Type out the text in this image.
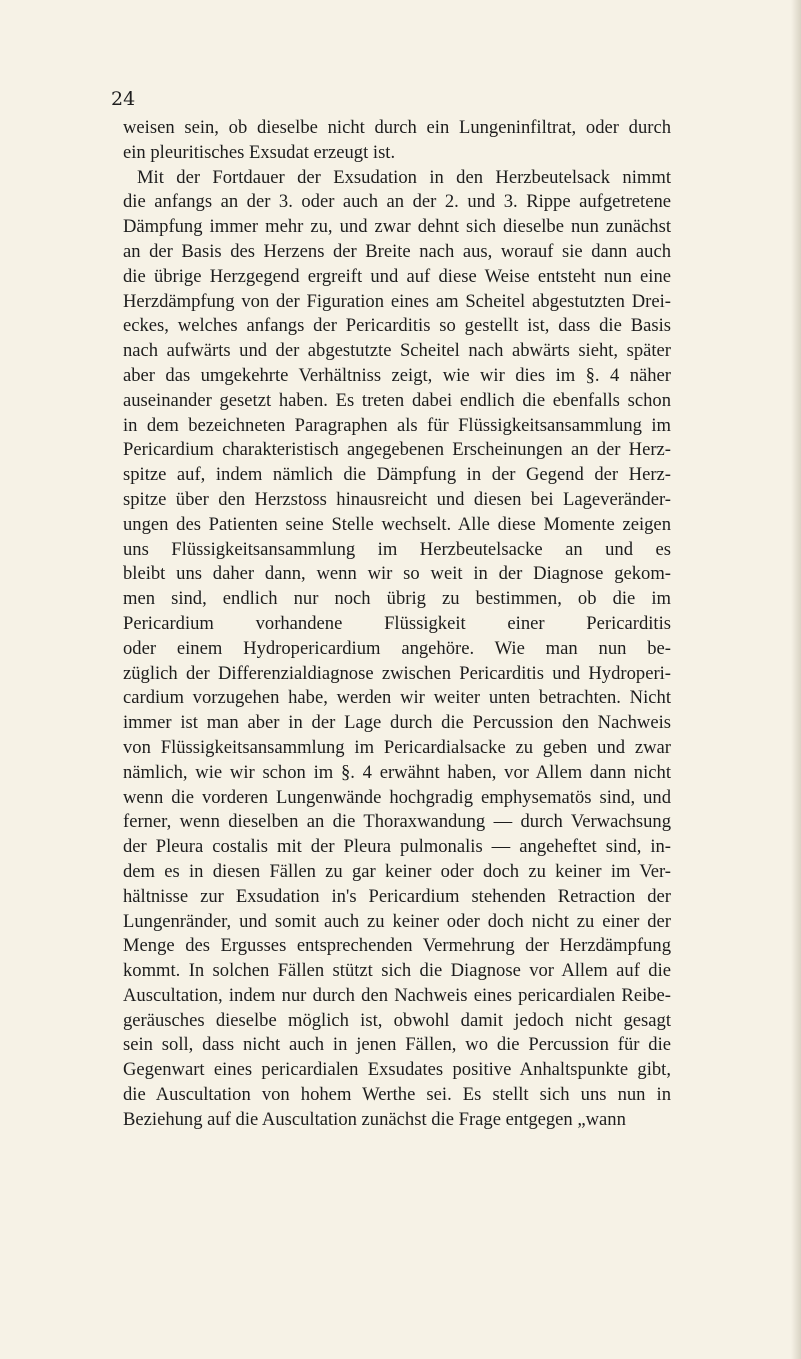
24
weisen sein, ob dieselbe nicht durch ein Lungeninfiltrat, oder durch
ein pleuritisches Exsudat erzeugt ist.
Mit der Fortdauer der Exsudation in den Herzbeutelsack nimmt
die anfangs an der 3. oder auch an der 2. und 3. Rippe aufgetretene
Dämpfung immer mehr zu, und zwar dehnt sich dieselbe nun zunächst
an der Basis des Herzens der Breite nach aus, worauf sie dann auch
die übrige Herzgegend ergreift und auf diese Weise entsteht nun eine
Herzdämpfung von der Figuration eines am Scheitel abgestutzten Drei-
eckes, welches anfangs der Pericarditis so gestellt ist, dass die Basis
nach aufwärts und der abgestutzte Scheitel nach abwärts sieht, später
aber das umgekehrte Verhältniss zeigt, wie wir dies im §. 4 näher
auseinander gesetzt haben. Es treten dabei endlich die ebenfalls schon
in dem bezeichneten Paragraphen als für Flüssigkeitsansammlung im
Pericardium charakteristisch angegebenen Erscheinungen an der Herz-
spitze auf, indem nämlich die Dämpfung in der Gegend der Herz-
spitze über den Herzstoss hinausreicht und diesen bei Lageveränder-
ungen des Patienten seine Stelle wechselt. Alle diese Momente zeigen
uns Flüssigkeitsansammlung im Herzbeutelsacke an und es
bleibt uns daher dann, wenn wir so weit in der Diagnose gekom-
men sind, endlich nur noch übrig zu bestimmen, ob die im
Pericardium vorhandene Flüssigkeit einer Pericarditis
oder einem Hydropericardium angehöre. Wie man nun be-
züglich der Differenzialdiagnose zwischen Pericarditis und Hydroperi-
cardium vorzugehen habe, werden wir weiter unten betrachten. Nicht
immer ist man aber in der Lage durch die Percussion den Nachweis
von Flüssigkeitsansammlung im Pericardialsacke zu geben und zwar
nämlich, wie wir schon im §. 4 erwähnt haben, vor Allem dann nicht
wenn die vorderen Lungenwände hochgradig emphysematös sind, und
ferner, wenn dieselben an die Thoraxwandung — durch Verwachsung
der Pleura costalis mit der Pleura pulmonalis — angeheftet sind, in-
dem es in diesen Fällen zu gar keiner oder doch zu keiner im Ver-
hältnisse zur Exsudation in's Pericardium stehenden Retraction der
Lungenränder, und somit auch zu keiner oder doch nicht zu einer der
Menge des Ergusses entsprechenden Vermehrung der Herzdämpfung
kommt. In solchen Fällen stützt sich die Diagnose vor Allem auf die
Auscultation, indem nur durch den Nachweis eines pericardialen Reibe-
geräusches dieselbe möglich ist, obwohl damit jedoch nicht gesagt
sein soll, dass nicht auch in jenen Fällen, wo die Percussion für die
Gegenwart eines pericardialen Exsudates positive Anhaltspunkte gibt,
die Auscultation von hohem Werthe sei. Es stellt sich uns nun in
Beziehung auf die Auscultation zunächst die Frage entgegen „wann
